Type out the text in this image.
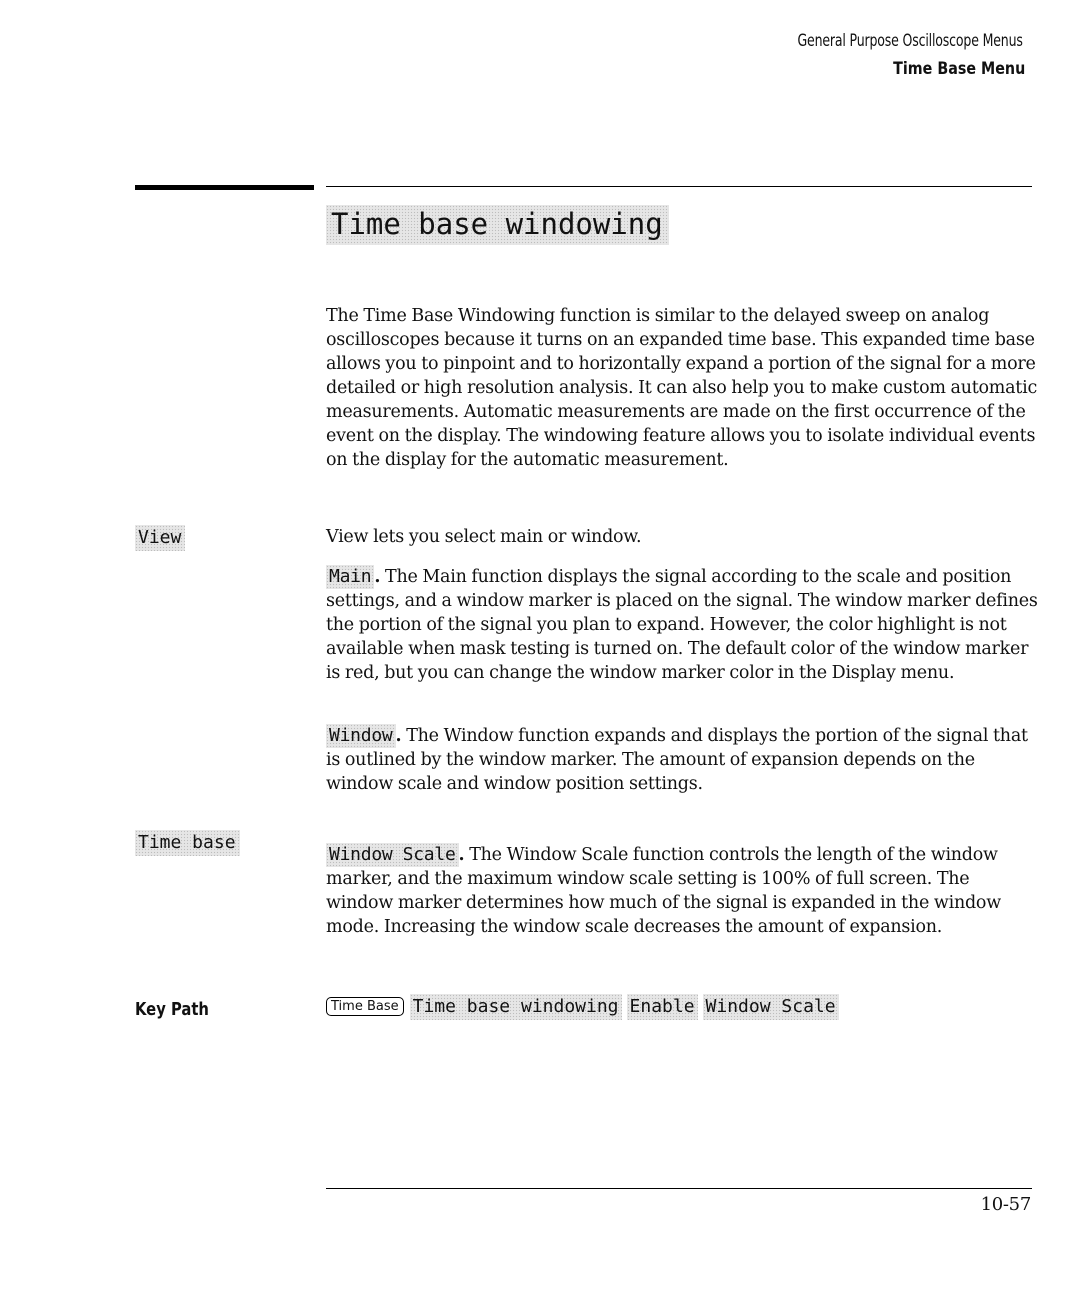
General Purpose Oscilloscope Menus
Time Base Menu
Time base windowing

The Time Base Windowing function is similar to the delayed sweep on analog oscilloscopes because it turns on an expanded time base. This expanded time base allows you to pinpoint and to horizontally expand a portion of the signal for a more detailed or high resolution analysis. It can also help you to make custom automatic measurements. Automatic measurements are made on the first occurrence of the event on the display. The windowing feature allows you to isolate individual events on the display for the automatic measurement.

View	View lets you select main or window.

Main . The Main function displays the signal according to the scale and position settings, and a window marker is placed on the signal. The window marker defines the portion of the signal you plan to expand. However, the color highlight is not available when mask testing is turned on. The default color of the window marker is red, but you can change the window marker color in the Display menu.

Window . The Window function expands and displays the portion of the signal that is outlined by the window marker. The amount of expansion depends on the window scale and window position settings.

Time base

Window Scale . The Window Scale function controls the length of the window marker, and the maximum window scale setting is 100% of full screen. The window marker determines how much of the signal is expanded in the window mode. Increasing the window scale decreases the amount of expansion.

Key Path	Time Base Time base windowing Enable Window Scale
10-57
